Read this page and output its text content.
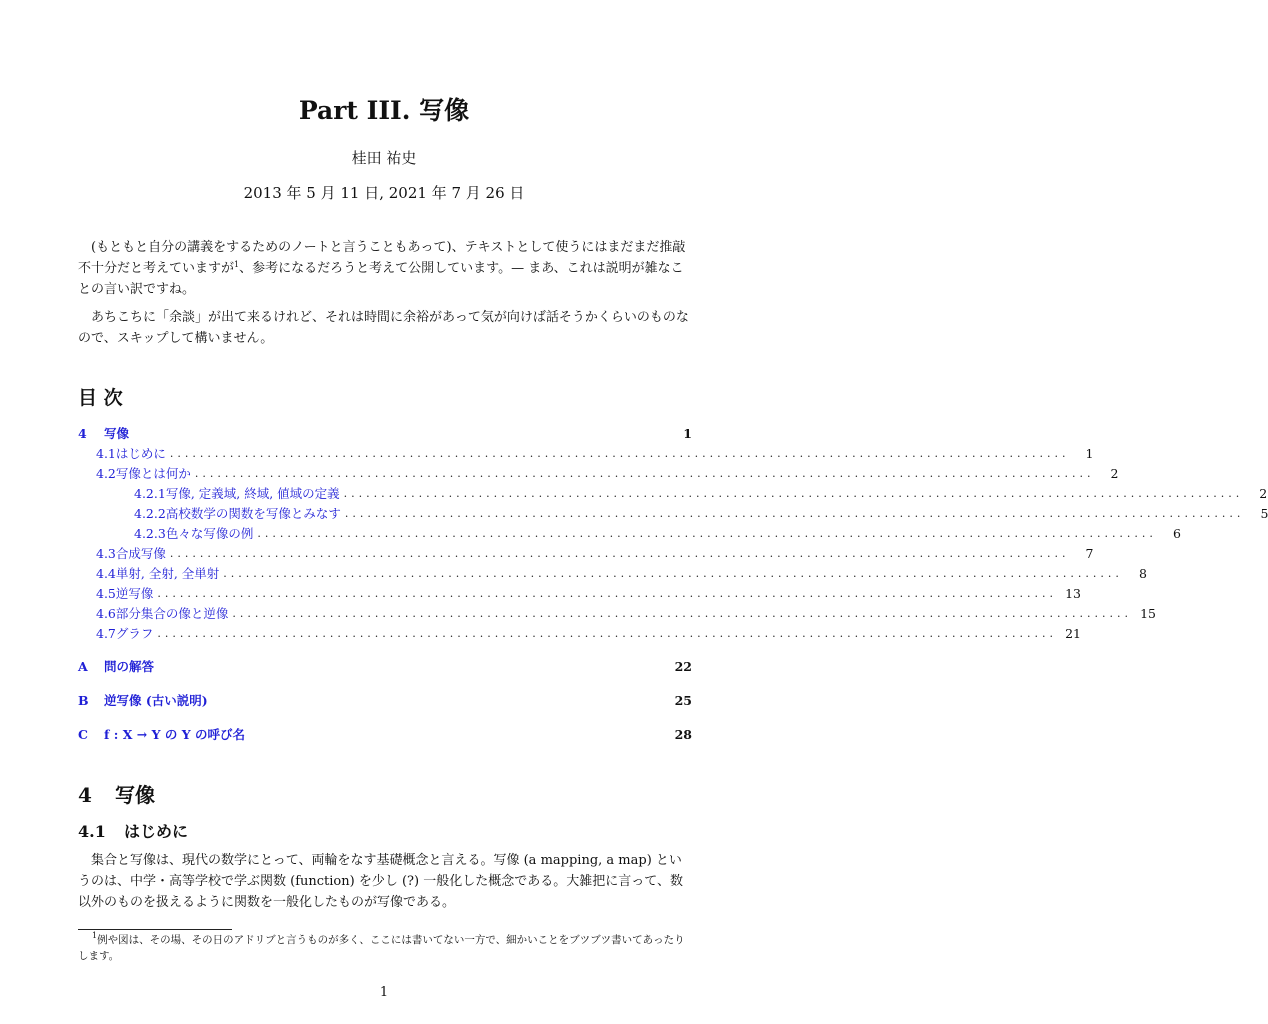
Part III. 写像
桂田 祐史
2013 年 5 月 11 日, 2021 年 7 月 26 日
(もともと自分の講義をするためのノートと言うこともあって)、テキストとして使うにはまだまだ推敲不十分だと考えていますが$^1$、参考になるだろうと考えて公開しています。— まあ、これは説明が雑なことの言い訳ですね。
あちこちに「余談」が出て来るけれど、それは時間に余裕があって気が向けば話そうかくらいのものなので、スキップして構いません。
目 次
4	写像	1
4.1 はじめに ........................................................................................................................	1
4.2 写像とは何か ........................................................................................................................	2
4.2.1 写像, 定義域, 終域, 値域の定義 ........................................................................................................................	2
4.2.2 高校数学の関数を写像とみなす ........................................................................................................................	5
4.2.3 色々な写像の例 ........................................................................................................................	6
4.3 合成写像 ........................................................................................................................	7
4.4 単射, 全射, 全単射 ........................................................................................................................	8
4.5 逆写像 ........................................................................................................................ 13
4.6 部分集合の像と逆像 ........................................................................................................................ 15
4.7 グラフ ........................................................................................................................ 21
A	問の解答	22
B	逆写像 (古い説明)	25
C	f : X → Y の Y の呼び名	28
4 写像
4.1 はじめに
集合と写像は、現代の数学にとって、両輪をなす基礎概念と言える。写像 (a mapping, a map) というのは、中学・高等学校で学ぶ関数 (function) を少し (?) 一般化した概念である。大雑把に言って、数以外のものを扱えるように関数を一般化したものが写像である。
$^1$例や図は、その場、その日のアドリブと言うものが多く、ここには書いてない一方で、細かいことをブツブツ書いてあったりします。
1
